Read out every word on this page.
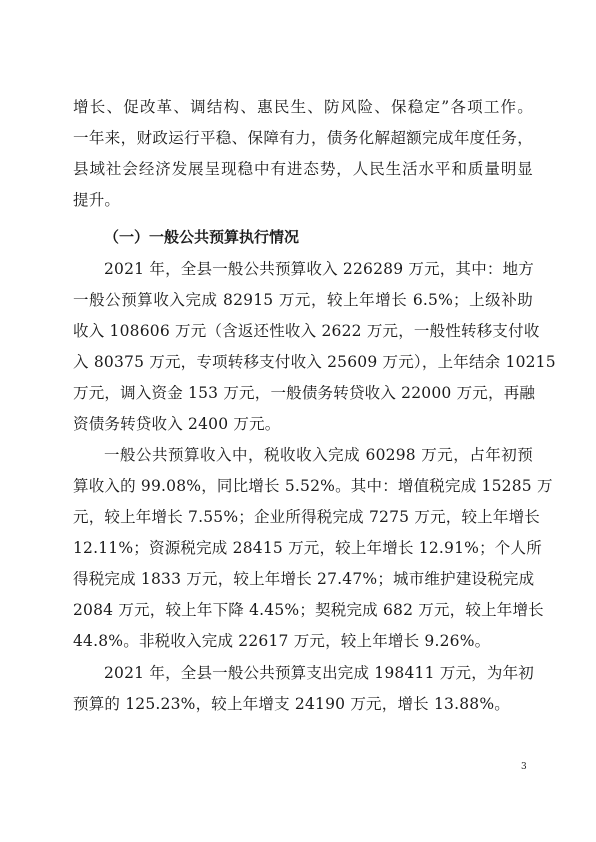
增长、促改革、调结构、惠民生、防风险、保稳定”各项工作。
一年来，财政运行平稳、保障有力，债务化解超额完成年度任务，
县域社会经济发展呈现稳中有进态势，人民生活水平和质量明显
提升。
（一）一般公共预算执行情况
2021 年，全县一般公共预算收入 226289 万元，其中：地方
一般公预算收入完成 82915 万元，较上年增长 6.5%；上级补助
收入 108606 万元（含返还性收入 2622 万元，一般性转移支付收
入 80375 万元，专项转移支付收入 25609 万元），上年结余 10215
万元，调入资金 153 万元，一般债务转贷收入 22000 万元，再融
资债务转贷收入 2400 万元。
一般公共预算收入中，税收收入完成 60298 万元，占年初预
算收入的 99.08%，同比增长 5.52%。其中：增值税完成 15285 万
元，较上年增长 7.55%；企业所得税完成 7275 万元，较上年增长
12.11%；资源税完成 28415 万元，较上年增长 12.91%；个人所
得税完成 1833 万元，较上年增长 27.47%；城市维护建设税完成
2084 万元，较上年下降 4.45%；契税完成 682 万元，较上年增长
44.8%。非税收入完成 22617 万元，较上年增长 9.26%。
2021 年，全县一般公共预算支出完成 198411 万元，为年初
预算的 125.23%，较上年增支 24190 万元，增长 13.88%。
3
